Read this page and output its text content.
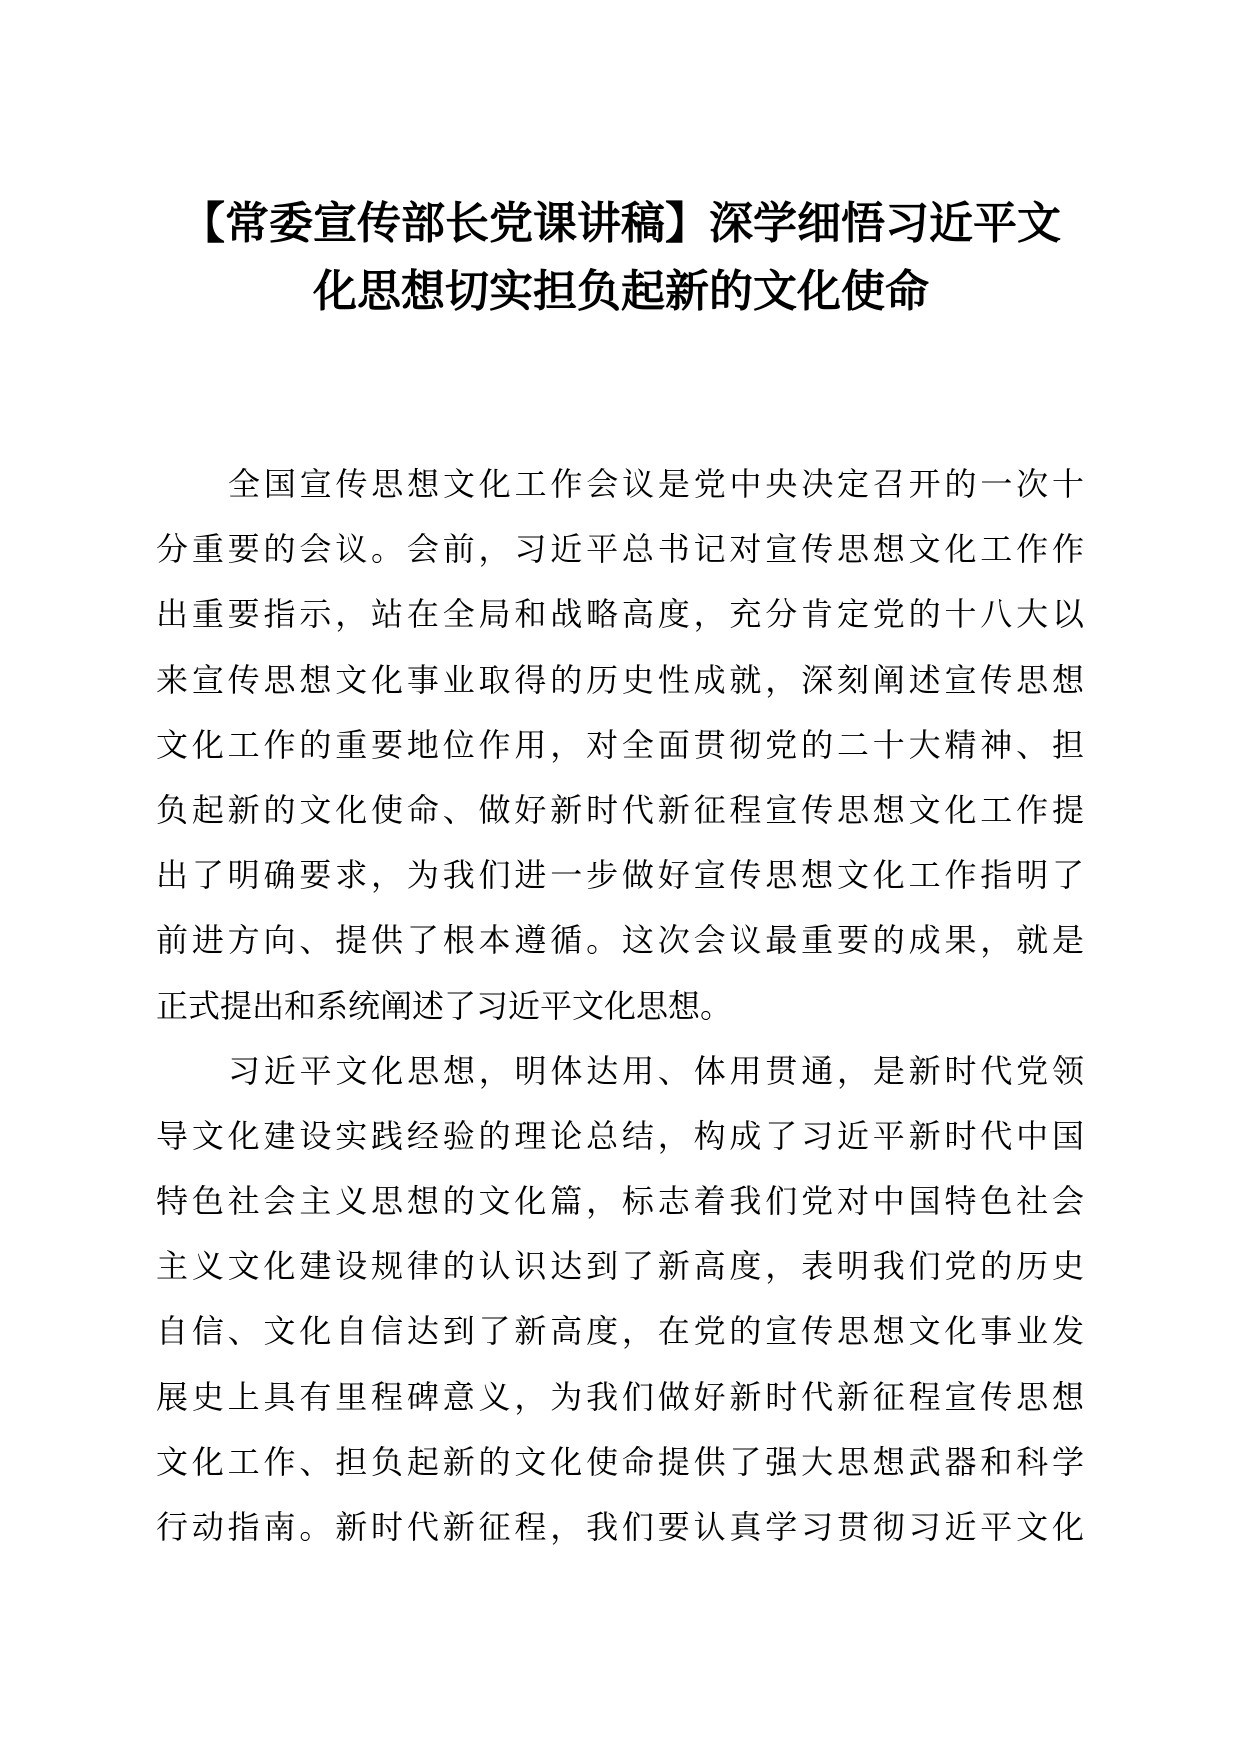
【常委宣传部长党课讲稿】深学细悟习近平文
化思想切实担负起新的文化使命

全国宣传思想文化工作会议是党中央决定召开的一次十
分重要的会议。会前，习近平总书记对宣传思想文化工作作
出重要指示，站在全局和战略高度，充分肯定党的十八大以
来宣传思想文化事业取得的历史性成就，深刻阐述宣传思想
文化工作的重要地位作用，对全面贯彻党的二十大精神、担
负起新的文化使命、做好新时代新征程宣传思想文化工作提
出了明确要求，为我们进一步做好宣传思想文化工作指明了
前进方向、提供了根本遵循。这次会议最重要的成果，就是
正式提出和系统阐述了习近平文化思想。

习近平文化思想，明体达用、体用贯通，是新时代党领
导文化建设实践经验的理论总结，构成了习近平新时代中国
特色社会主义思想的文化篇，标志着我们党对中国特色社会
主义文化建设规律的认识达到了新高度，表明我们党的历史
自信、文化自信达到了新高度，在党的宣传思想文化事业发
展史上具有里程碑意义，为我们做好新时代新征程宣传思想
文化工作、担负起新的文化使命提供了强大思想武器和科学
行动指南。新时代新征程，我们要认真学习贯彻习近平文化
